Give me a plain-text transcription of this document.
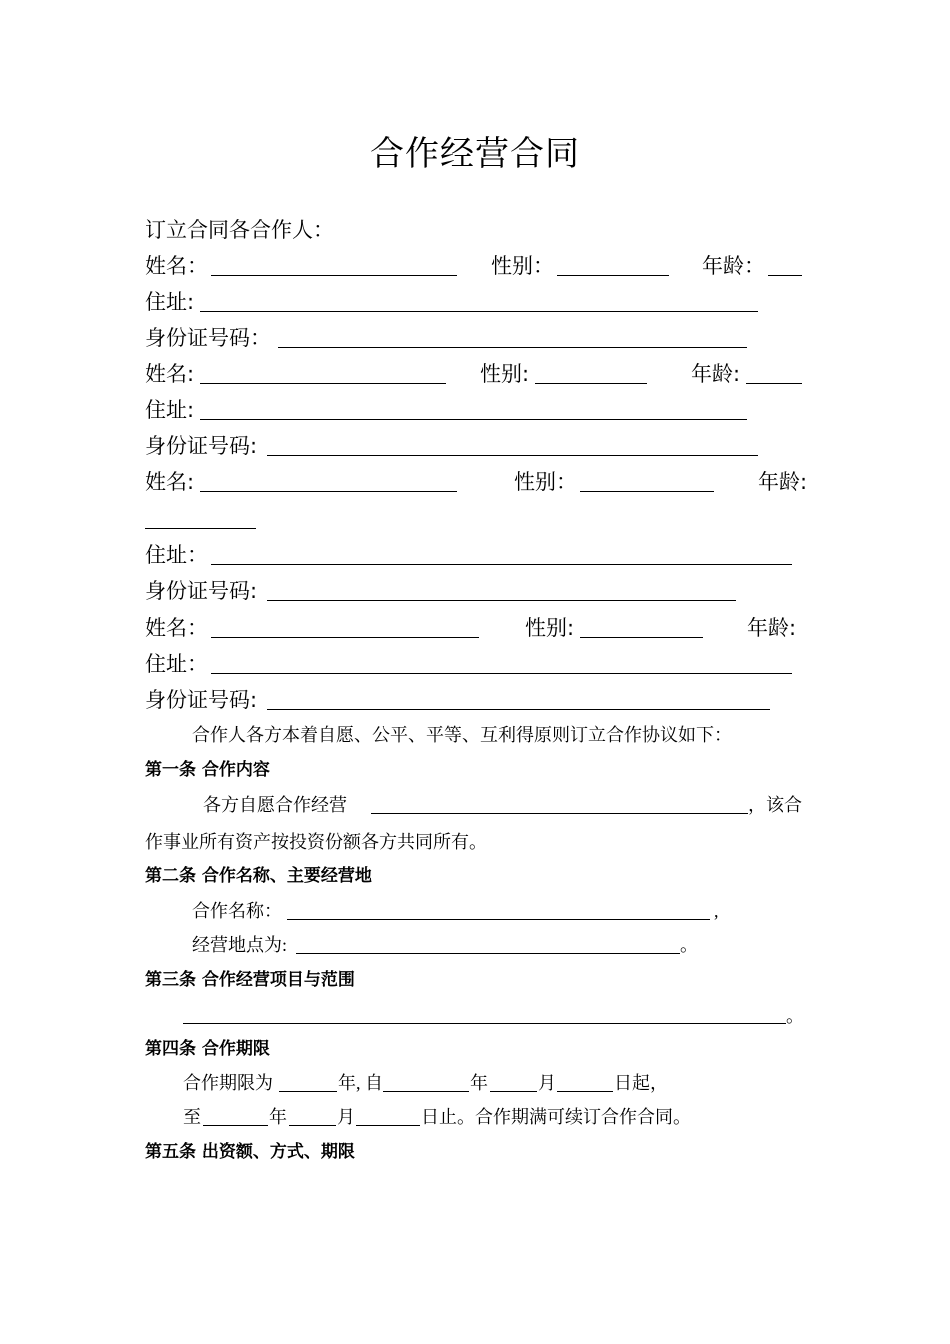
合作经营合同
订立合同各合作人：
姓名：	性别：	年龄：
住址:
身份证号码：
姓名:	性别:	年龄:
住址:
身份证号码:
姓名:	性别：	年龄:
住址：
身份证号码:
姓名：	性别:	年龄:
住址：
身份证号码:
合作人各方本着自愿、公平、平等、互利得原则订立合作协议如下：
第一条 合作内容
各方自愿合作经营	，该合
作事业所有资产按投资份额各方共同所有。
第二条 合作名称、主要经营地
合作名称：	,
经营地点为:	。
第三条 合作经营项目与范围
。
第四条 合作期限
合作期限为	年, 自	年	月	日起，
至	年	月	日止。合作期满可续订合作合同。
第五条 出资额、方式、期限
